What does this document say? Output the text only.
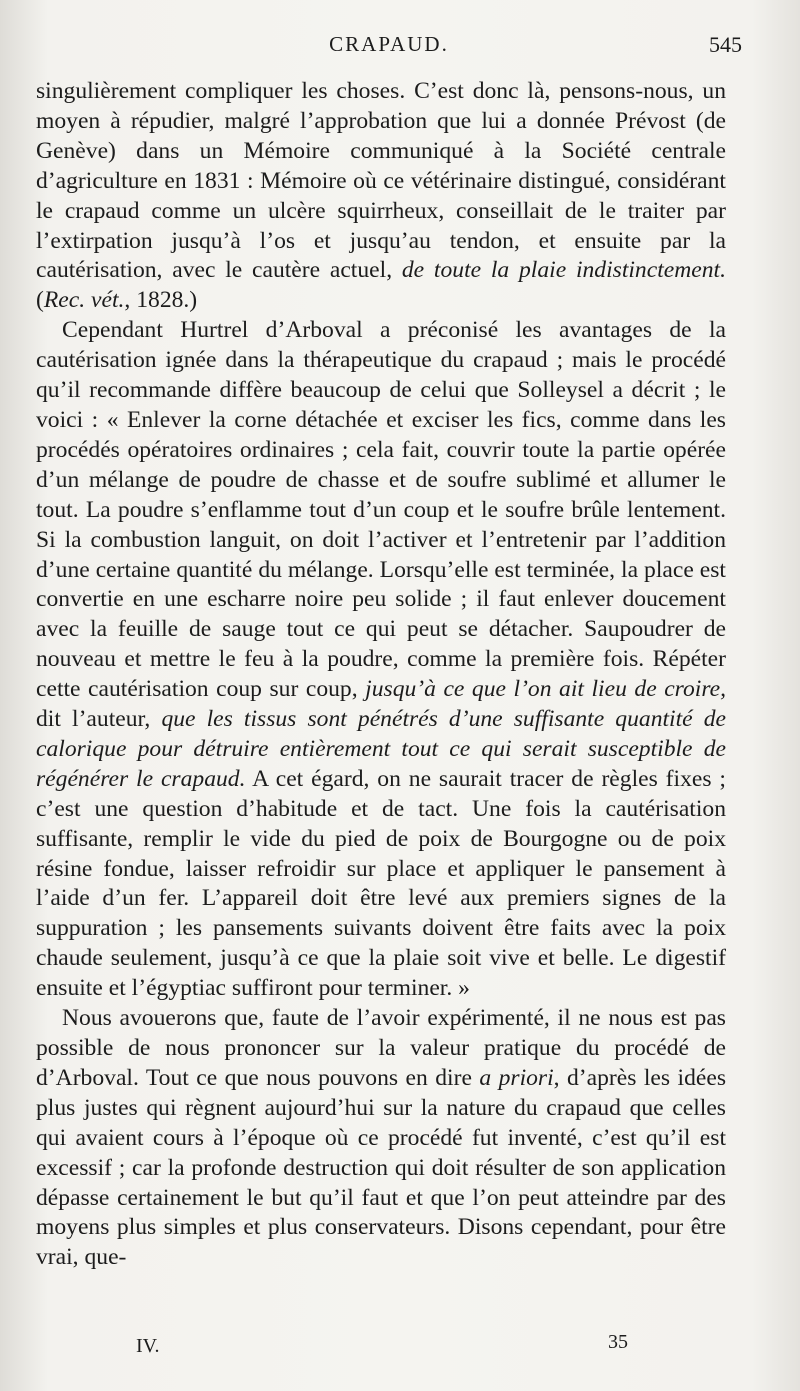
CRAPAUD.	545

singulièrement compliquer les choses. C’est donc là, pensons-nous, un moyen à répudier, malgré l’approbation que lui a donnée Prévost (de Genève) dans un Mémoire communiqué à la Société centrale d’agriculture en 1831 : Mémoire où ce vétérinaire distingué, considérant le crapaud comme un ulcère squirrheux, conseillait de le traiter par l’extirpation jusqu’à l’os et jusqu’au tendon, et ensuite par la cautérisation, avec le cautère actuel, de toute la plaie indistinctement. (Rec. vét., 1828.)

Cependant Hurtrel d’Arboval a préconisé les avantages de la cautérisation ignée dans la thérapeutique du crapaud ; mais le procédé qu’il recommande diffère beaucoup de celui que Solleysel a décrit ; le voici : « Enlever la corne détachée et exciser les fics, comme dans les procédés opératoires ordinaires ; cela fait, couvrir toute la partie opérée d’un mélange de poudre de chasse et de soufre sublimé et allumer le tout. La poudre s’enflamme tout d’un coup et le soufre brûle lentement. Si la combustion languit, on doit l’activer et l’entretenir par l’addition d’une certaine quantité du mélange. Lorsqu’elle est terminée, la place est convertie en une escharre noire peu solide ; il faut enlever doucement avec la feuille de sauge tout ce qui peut se détacher. Saupoudrer de nouveau et mettre le feu à la poudre, comme la première fois. Répéter cette cautérisation coup sur coup, jusqu’à ce que l’on ait lieu de croire, dit l’auteur, que les tissus sont pénétrés d’une suffisante quantité de calorique pour détruire entièrement tout ce qui serait susceptible de régénérer le crapaud. A cet égard, on ne saurait tracer de règles fixes ; c’est une question d’habitude et de tact. Une fois la cautérisation suffisante, remplir le vide du pied de poix de Bourgogne ou de poix résine fondue, laisser refroidir sur place et appliquer le pansement à l’aide d’un fer. L’appareil doit être levé aux premiers signes de la suppuration ; les pansements suivants doivent être faits avec la poix chaude seulement, jusqu’à ce que la plaie soit vive et belle. Le digestif ensuite et l’égyptiac suffiront pour terminer. »

Nous avouerons que, faute de l’avoir expérimenté, il ne nous est pas possible de nous prononcer sur la valeur pratique du procédé de d’Arboval. Tout ce que nous pouvons en dire a priori, d’après les idées plus justes qui règnent aujourd’hui sur la nature du crapaud que celles qui avaient cours à l’époque où ce procédé fut inventé, c’est qu’il est excessif ; car la profonde destruction qui doit résulter de son application dépasse certainement le but qu’il faut et que l’on peut atteindre par des moyens plus simples et plus conservateurs. Disons cependant, pour être vrai, que-

IV.	35
